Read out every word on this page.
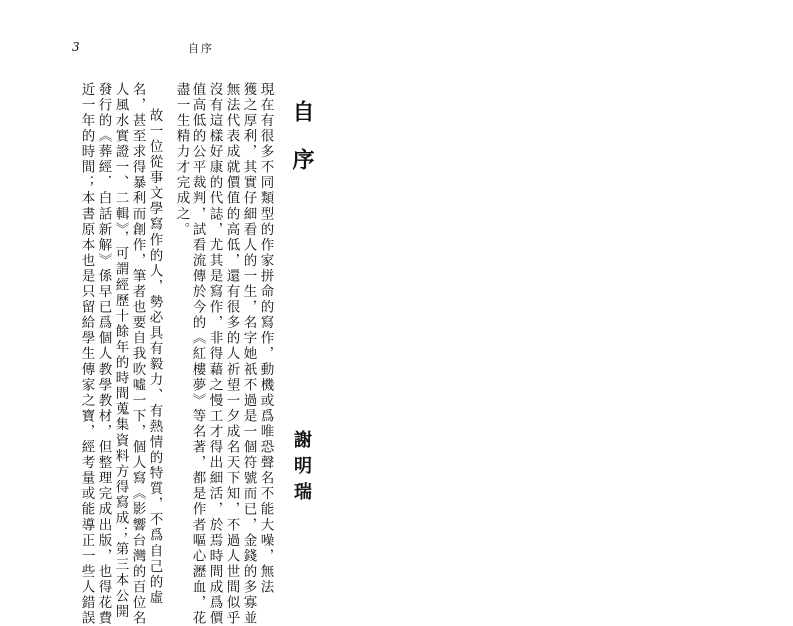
3	自序
自序
謝明瑞
現在有很多不同類型的作家拼命的寫作，動機或爲唯恐聲名不能大噪，無法
獲之厚利，其實仔細看人的一生，名字她祇不過是一個符號而已，金錢的多寡並
無法代表成就價值的高低，還有很多的人祈望一夕成名天下知，不過人世間似乎
沒有這樣好康的代誌，尤其是寫作，非得藉之慢工才得出細活，於焉時間成爲價
值高低的公平裁判，試看流傳於今的《紅樓夢》等名著，都是作者嘔心瀝血，花
盡一生精力才完成之。
故一位從事文學寫作的人，勢必具有毅力、有熱情的特質，不爲自己的虛
名，甚至求得暴利而創作，筆者也要自我吹噓一下，個人寫《影響台灣的百位名
人風水實證一、二輯》，可謂經歷十餘年的時間蒐集資料方得寫成；第三本公開
發行的《葬經．白話新解》係早已爲個人教學教材，但整理完成出版，也得花費
近一年的時間；本書原本也是只留給學生傳家之寶，經考量或能導正一些人錯誤
